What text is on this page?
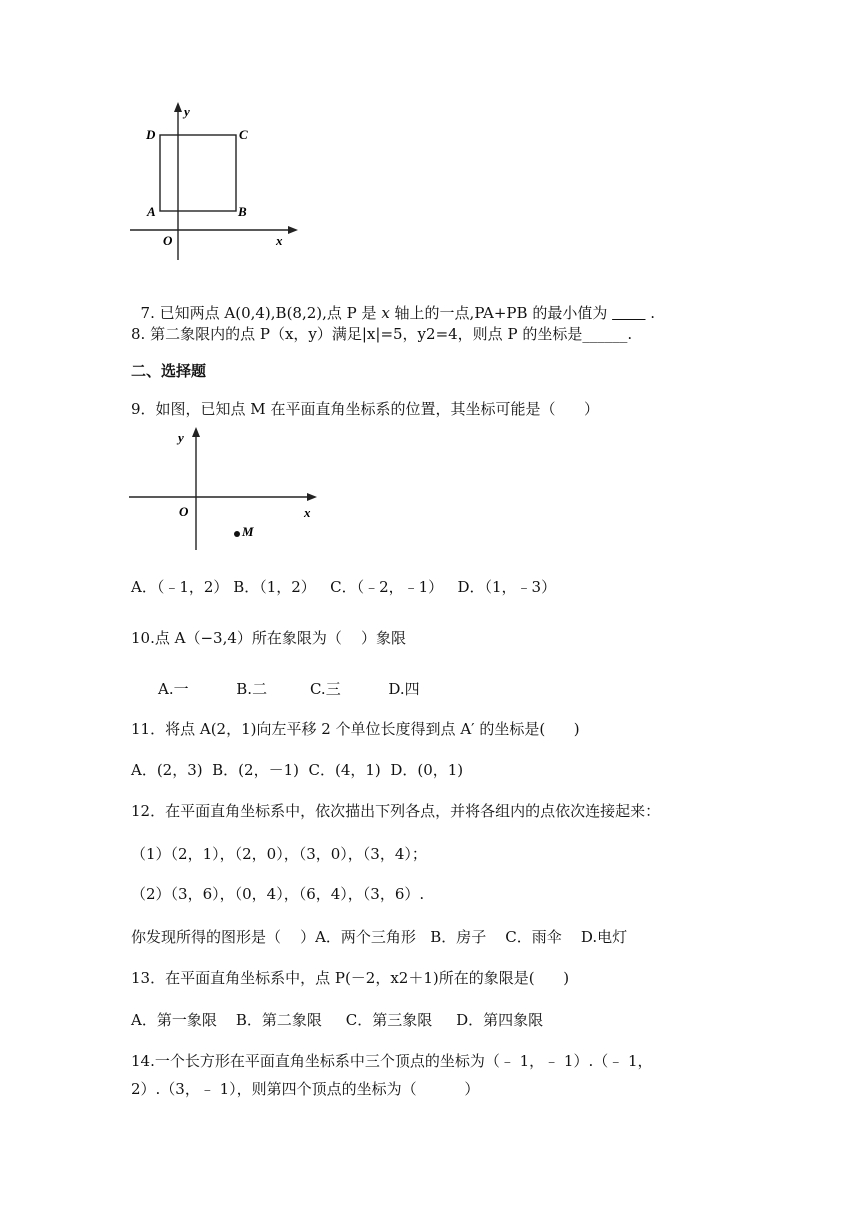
y
D	C
A	B
O	x

7. 已知两点 A(0,4),B(8,2),点 P 是 x 轴上的一点,PA+PB 的最小值为         .

8. 第二象限内的点 P（x，y）满足|x|=5，y2=4，则点 P 的坐标是______.
二、选择题
9．如图，已知点 M 在平面直角坐标系的位置，其坐标可能是（      ）
y
O	x
M
A．（﹣1，2） B．（1，2）   C．（﹣2，﹣1）   D．（1，﹣3）
10.点 A（−3,4）所在象限为（    ）象限
A.一          B.二         C.三          D.四
11．将点 A(2，1)向左平移 2 个单位长度得到点 A′ 的坐标是(      )
A．(2，3)  B．(2，－1)  C．(4，1)  D．(0，1)
12．在平面直角坐标系中，依次描出下列各点，并将各组内的点依次连接起来：
（1）（2，1），（2，0），（3，0），（3，4）；
（2）（3，6），（0，4），（6，4），（3，6）.
你发现所得的图形是（    ）A．两个三角形   B．房子    C．雨伞    D.电灯
13．在平面直角坐标系中，点 P(－2，x2＋1)所在的象限是(      )
A．第一象限    B．第二象限     C．第三象限     D．第四象限
14.一个长方形在平面直角坐标系中三个顶点的坐标为（﹣ 1，﹣ 1）.（﹣ 1，
2）.（3，﹣ 1），则第四个顶点的坐标为（          ）
